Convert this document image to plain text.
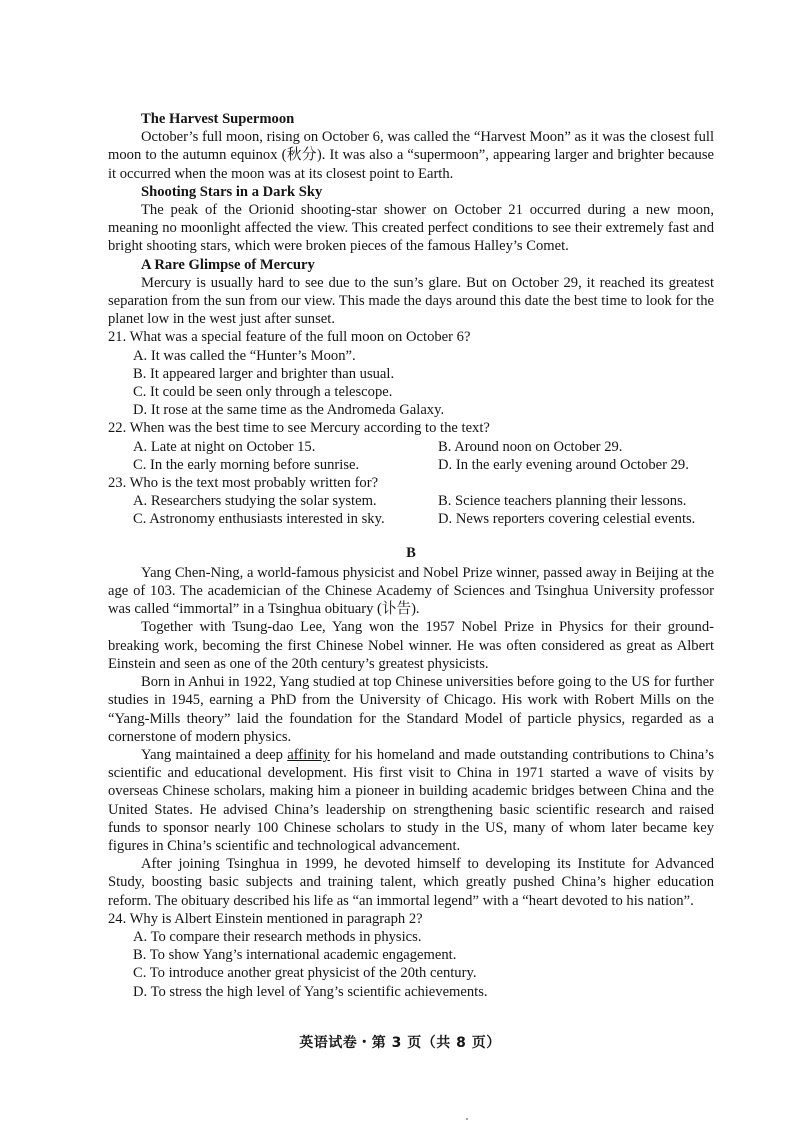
The Harvest Supermoon
October’s full moon, rising on October 6, was called the “Harvest Moon” as it was the closest full moon to the autumn equinox (秋分). It was also a “supermoon”, appearing larger and brighter because it occurred when the moon was at its closest point to Earth.
Shooting Stars in a Dark Sky
The peak of the Orionid shooting-star shower on October 21 occurred during a new moon, meaning no moonlight affected the view. This created perfect conditions to see their extremely fast and bright shooting stars, which were broken pieces of the famous Halley’s Comet.
A Rare Glimpse of Mercury
Mercury is usually hard to see due to the sun’s glare. But on October 29, it reached its greatest separation from the sun from our view. This made the days around this date the best time to look for the planet low in the west just after sunset.
21. What was a special feature of the full moon on October 6?
A. It was called the “Hunter’s Moon”.
B. It appeared larger and brighter than usual.
C. It could be seen only through a telescope.
D. It rose at the same time as the Andromeda Galaxy.
22. When was the best time to see Mercury according to the text?
A. Late at night on October 15.	B. Around noon on October 29.
C. In the early morning before sunrise.	D. In the early evening around October 29.
23. Who is the text most probably written for?
A. Researchers studying the solar system.	B. Science teachers planning their lessons.
C. Astronomy enthusiasts interested in sky.	D. News reporters covering celestial events.
B
Yang Chen-Ning, a world-famous physicist and Nobel Prize winner, passed away in Beijing at the age of 103. The academician of the Chinese Academy of Sciences and Tsinghua University professor was called “immortal” in a Tsinghua obituary (讣告).
Together with Tsung-dao Lee, Yang won the 1957 Nobel Prize in Physics for their ground-breaking work, becoming the first Chinese Nobel winner. He was often considered as great as Albert Einstein and seen as one of the 20th century’s greatest physicists.
Born in Anhui in 1922, Yang studied at top Chinese universities before going to the US for further studies in 1945, earning a PhD from the University of Chicago. His work with Robert Mills on the “Yang-Mills theory” laid the foundation for the Standard Model of particle physics, regarded as a cornerstone of modern physics.
Yang maintained a deep affinity for his homeland and made outstanding contributions to China’s scientific and educational development. His first visit to China in 1971 started a wave of visits by overseas Chinese scholars, making him a pioneer in building academic bridges between China and the United States. He advised China’s leadership on strengthening basic scientific research and raised funds to sponsor nearly 100 Chinese scholars to study in the US, many of whom later became key figures in China’s scientific and technological advancement.
After joining Tsinghua in 1999, he devoted himself to developing its Institute for Advanced Study, boosting basic subjects and training talent, which greatly pushed China’s higher education reform. The obituary described his life as “an immortal legend” with a “heart devoted to his nation”.
24. Why is Albert Einstein mentioned in paragraph 2?
A. To compare their research methods in physics.
B. To show Yang’s international academic engagement.
C. To introduce another great physicist of the 20th century.
D. To stress the high level of Yang’s scientific achievements.
英语试卷・第 3 页（共 8 页）
